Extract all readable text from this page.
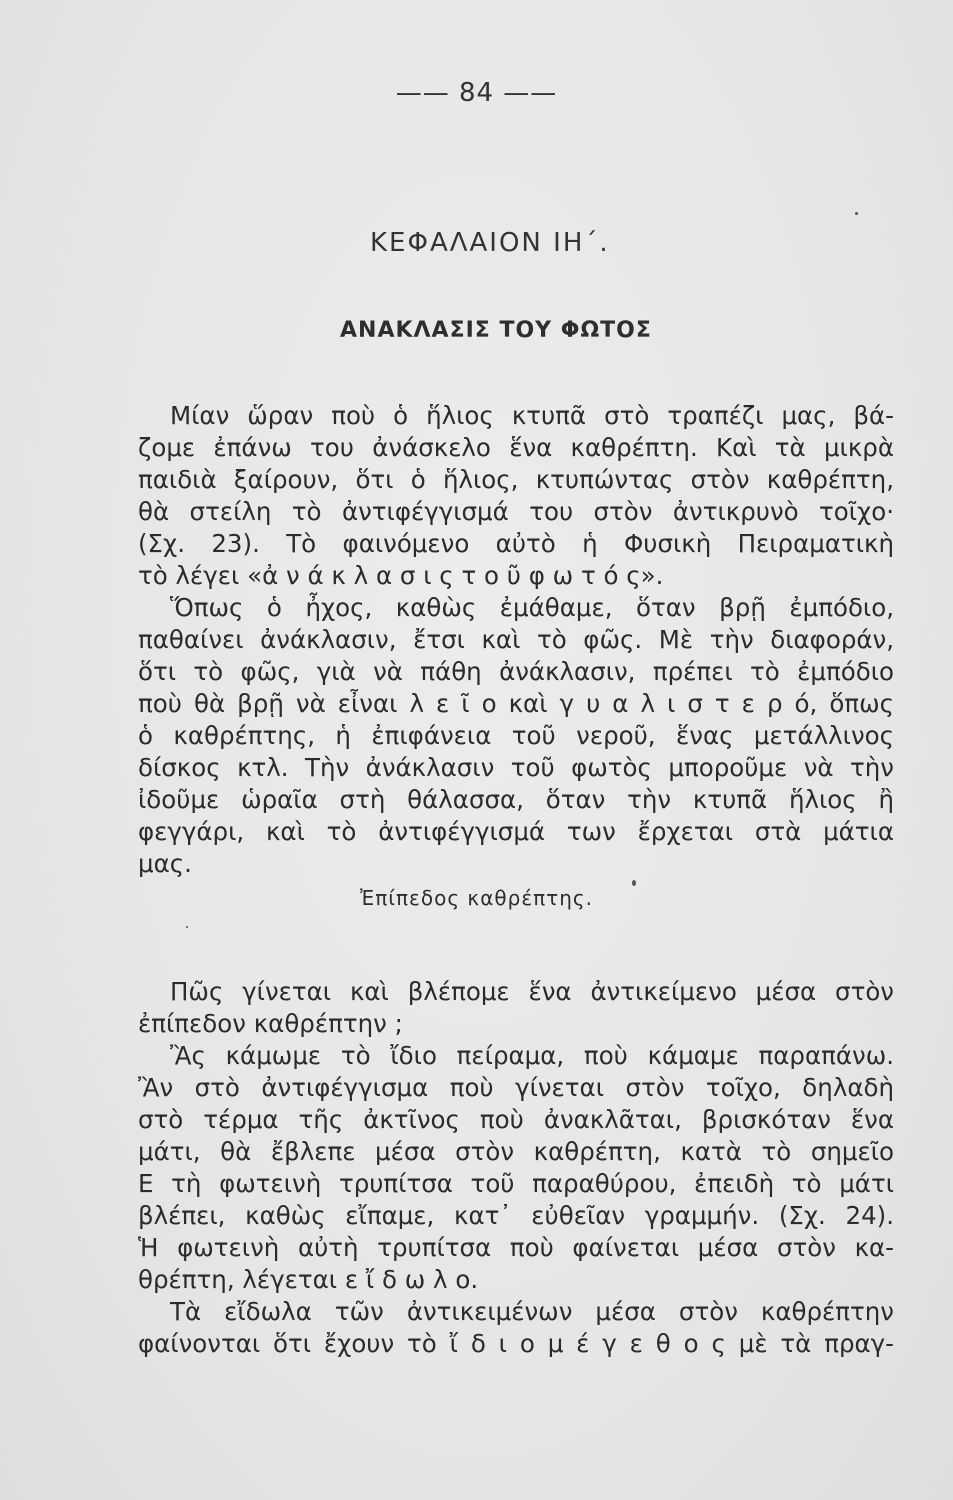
—— 84 ——
ΚΕΦΑΛΑΙΟΝ ΙΗ΄.
ΑΝΑΚΛΑΣΙΣ ΤΟΥ ΦΩΤΟΣ
Μίαν ὥραν ποὺ ὁ ἥλιος κτυπᾶ στὸ τραπέζι μας, βά-
ζομε ἐπάνω του ἀνάσκελο ἕνα καθρέπτη. Καὶ τὰ μικρὰ
παιδιὰ ξαίρουν, ὅτι ὁ ἥλιος, κτυπώντας στὸν καθρέπτη,
θὰ στείλη τὸ ἀντιφέγγισμά του στὸν ἀντικρυνὸ τοῖχο·
(Σχ. 23). Τὸ φαινόμενο αὐτὸ ἡ Φυσικὴ Πειραματικὴ
τὸ λέγει «ἀ ν ά κ λ α σ ι ς τ ο ῦ φ ω τ ό ς».
Ὅπως ὁ ἦχος, καθὼς ἐμάθαμε, ὅταν βρῇ ἐμπόδιο,
παθαίνει ἀνάκλασιν, ἔτσι καὶ τὸ φῶς. Μὲ τὴν διαφοράν,
ὅτι τὸ φῶς, γιὰ νὰ πάθη ἀνάκλασιν, πρέπει τὸ ἐμπόδιο
ποὺ θὰ βρῇ νὰ εἶναι λ ε ῖ ο καὶ γ υ α λ ι σ τ ε ρ ό, ὅπως
ὁ καθρέπτης, ἡ ἐπιφάνεια τοῦ νεροῦ, ἕνας μετάλλινος
δίσκος κτλ. Τὴν ἀνάκλασιν τοῦ φωτὸς μποροῦμε νὰ τὴν
ἰδοῦμε ὡραῖα στὴ θάλασσα, ὅταν τὴν κτυπᾶ ἥλιος ἢ
φεγγάρι, καὶ τὸ ἀντιφέγγισμά των ἔρχεται στὰ μάτια
μας.
Ἐπίπεδος καθρέπτης.
Πῶς γίνεται καὶ βλέπομε ἕνα ἀντικείμενο μέσα στὸν
ἐπίπεδον καθρέπτην ;
Ἂς κάμωμε τὸ ἴδιο πείραμα, ποὺ κάμαμε παραπάνω.
Ἂν στὸ ἀντιφέγγισμα ποὺ γίνεται στὸν τοῖχο, δηλαδὴ
στὸ τέρμα τῆς ἀκτῖνος ποὺ ἀνακλᾶται, βρισκόταν ἕνα
μάτι, θὰ ἔβλεπε μέσα στὸν καθρέπτη, κατὰ τὸ σημεῖο
Ε τὴ φωτεινὴ τρυπίτσα τοῦ παραθύρου, ἐπειδὴ τὸ μάτι
βλέπει, καθὼς εἴπαμε, κατ᾽ εὐθεῖαν γραμμήν. (Σχ. 24).
Ἡ φωτεινὴ αὐτὴ τρυπίτσα ποὺ φαίνεται μέσα στὸν κα-
θρέπτη, λέγεται ε ἴ δ ω λ ο.
Τὰ εἴδωλα τῶν ἀντικειμένων μέσα στὸν καθρέπτην
φαίνονται ὅτι ἔχουν τὸ ἴ δ ι ο μ έ γ ε θ ο ς μὲ τὰ πραγ-
